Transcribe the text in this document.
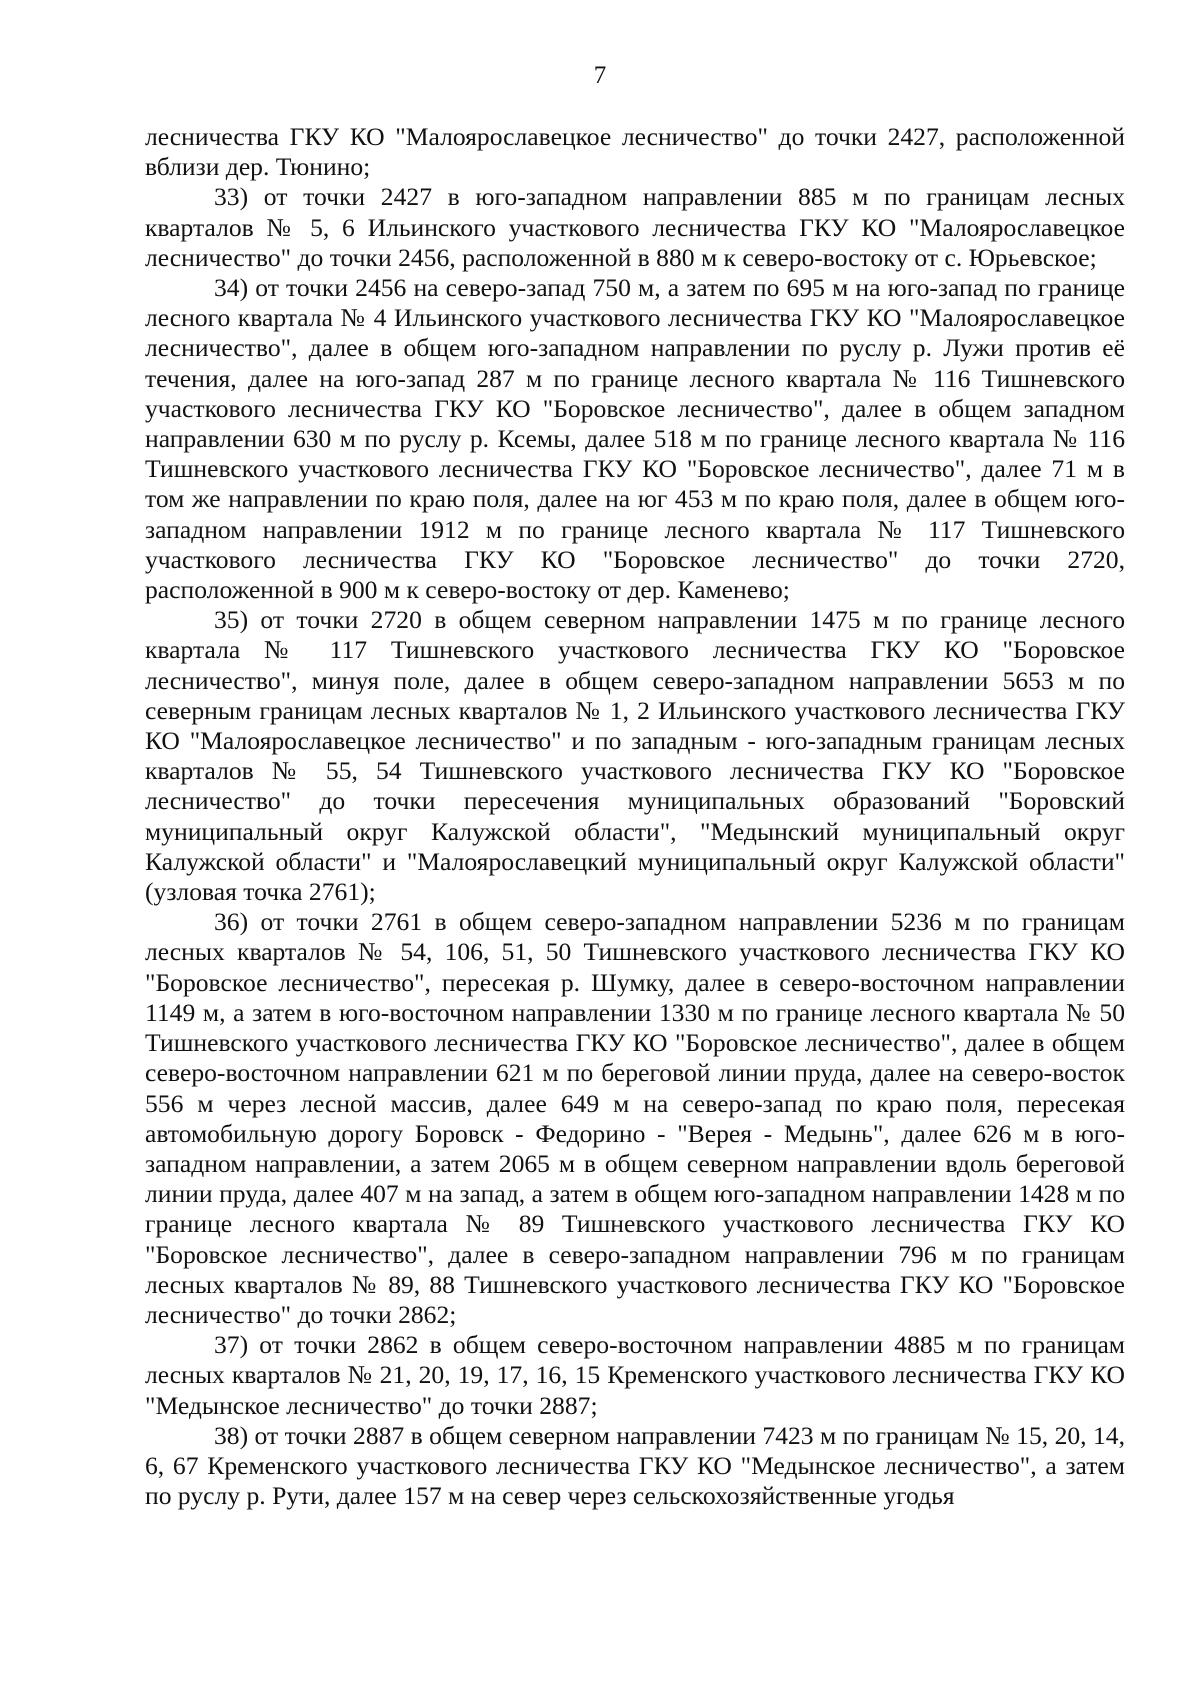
7

лесничества ГКУ КО "Малоярославецкое лесничество" до точки 2427, расположенной вблизи дер. Тюнино;

33) от точки 2427 в юго-западном направлении 885 м по границам лесных кварталов № 5, 6 Ильинского участкового лесничества ГКУ КО "Малоярославецкое лесничество" до точки 2456, расположенной в 880 м к северо-востоку от с. Юрьевское;

34) от точки 2456 на северо-запад 750 м, а затем по 695 м на юго-запад по границе лесного квартала № 4 Ильинского участкового лесничества ГКУ КО "Малоярославецкое лесничество", далее в общем юго-западном направлении по руслу р. Лужи против её течения, далее на юго-запад 287 м по границе лесного квартала № 116 Тишневского участкового лесничества ГКУ КО "Боровское лесничество", далее в общем западном направлении 630 м по руслу р. Ксемы, далее 518 м по границе лесного квартала № 116 Тишневского участкового лесничества ГКУ КО "Боровское лесничество", далее 71 м в том же направлении по краю поля, далее на юг 453 м по краю поля, далее в общем юго-западном направлении 1912 м по границе лесного квартала № 117 Тишневского участкового лесничества ГКУ КО "Боровское лесничество" до точки 2720, расположенной в 900 м к северо-востоку от дер. Каменево;

35) от точки 2720 в общем северном направлении 1475 м по границе лесного квартала № 117 Тишневского участкового лесничества ГКУ КО "Боровское лесничество", минуя поле, далее в общем северо-западном направлении 5653 м по северным границам лесных кварталов № 1, 2 Ильинского участкового лесничества ГКУ КО "Малоярославецкое лесничество" и по западным - юго-западным границам лесных кварталов № 55, 54 Тишневского участкового лесничества ГКУ КО "Боровское лесничество" до точки пересечения муниципальных образований "Боровский муниципальный округ Калужской области", "Медынский муниципальный округ Калужской области" и "Малоярославецкий муниципальный округ Калужской области" (узловая точка 2761);

36) от точки 2761 в общем северо-западном направлении 5236 м по границам лесных кварталов № 54, 106, 51, 50 Тишневского участкового лесничества ГКУ КО "Боровское лесничество", пересекая р. Шумку, далее в северо-восточном направлении 1149 м, а затем в юго-восточном направлении 1330 м по границе лесного квартала № 50 Тишневского участкового лесничества ГКУ КО "Боровское лесничество", далее в общем северо-восточном направлении 621 м по береговой линии пруда, далее на северо-восток 556 м через лесной массив, далее 649 м на северо-запад по краю поля, пересекая автомобильную дорогу Боровск - Федорино - "Верея - Медынь", далее 626 м в юго-западном направлении, а затем 2065 м в общем северном направлении вдоль береговой линии пруда, далее 407 м на запад, а затем в общем юго-западном направлении 1428 м по границе лесного квартала № 89 Тишневского участкового лесничества ГКУ КО "Боровское лесничество", далее в северо-западном направлении 796 м по границам лесных кварталов № 89, 88 Тишневского участкового лесничества ГКУ КО "Боровское лесничество" до точки 2862;

37) от точки 2862 в общем северо-восточном направлении 4885 м по границам лесных кварталов № 21, 20, 19, 17, 16, 15 Кременского участкового лесничества ГКУ КО "Медынское лесничество" до точки 2887;

38) от точки 2887 в общем северном направлении 7423 м по границам № 15, 20, 14, 6, 67 Кременского участкового лесничества ГКУ КО "Медынское лесничество", а затем по руслу р. Рути, далее 157 м на север через сельскохозяйственные угодья
